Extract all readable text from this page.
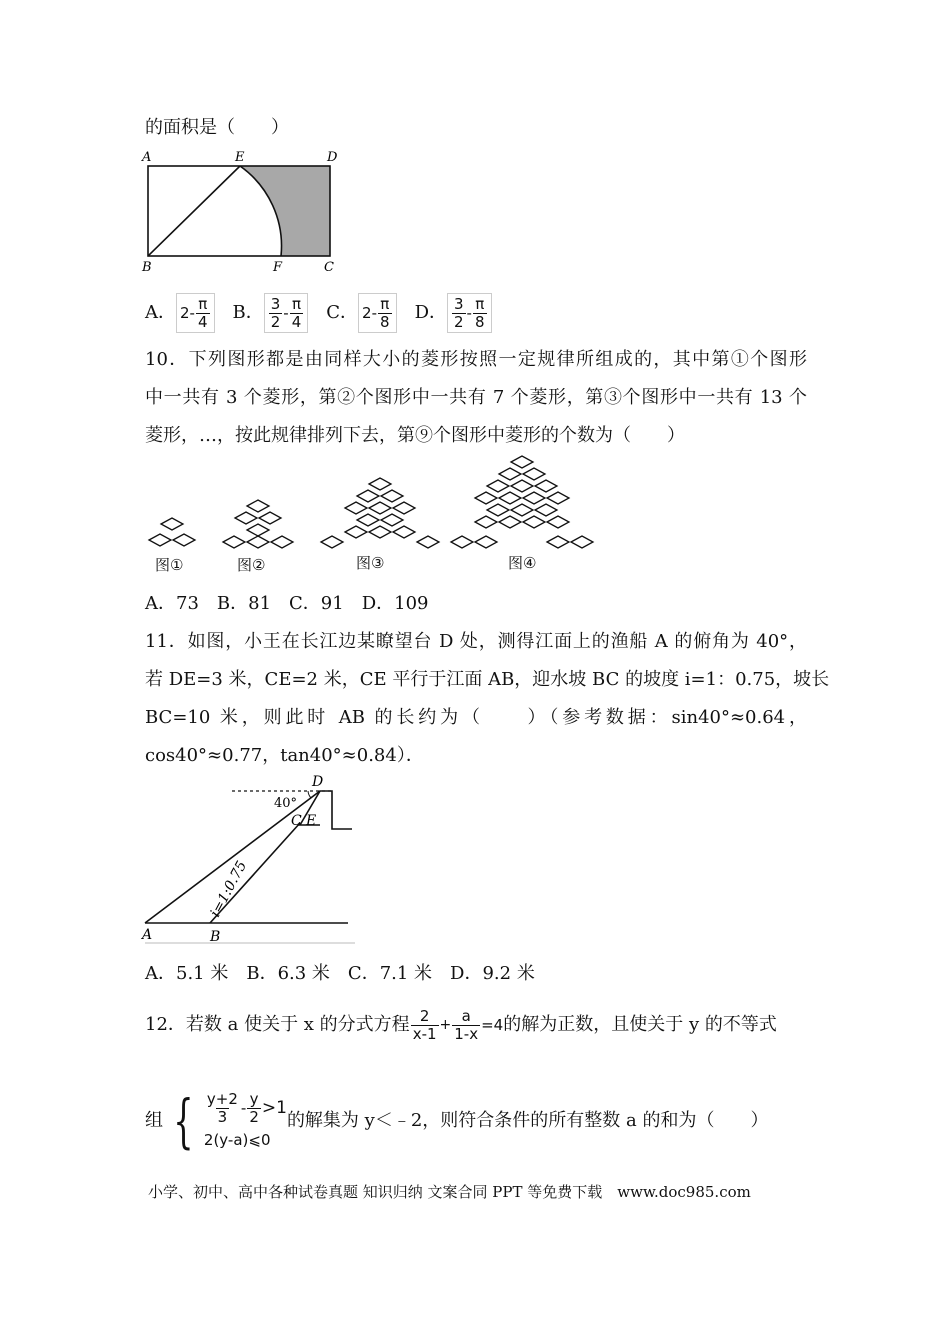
的面积是（　　）
A	E	D
B	F	C
A． $2 - \frac{\pi}{4}$ B． $\frac{3}{2} - \frac{\pi}{4}$ C． $2 - \frac{\pi}{8}$ D． $\frac{3}{2} - \frac{\pi}{8}$
10．下列图形都是由同样大小的菱形按照一定规律所组成的，其中第①个图形
中一共有 3 个菱形，第②个图形中一共有 7 个菱形，第③个图形中一共有 13 个
菱形，…，按此规律排列下去，第⑨个图形中菱形的个数为（　　）
图①	图②	图③	图④
A．73　B．81　C．91　D．109
11．如图，小王在长江边某瞭望台 D 处，测得江面上的渔船 A 的俯角为 40°，
若 DE=3 米，CE=2 米，CE 平行于江面 AB，迎水坡 BC 的坡度 i=1：0.75，坡长
BC=10 米，则此时 AB 的长约为（　　）（参考数据：sin40°≈0.64，
cos40°≈0.77，tan40°≈0.84）．
D
40°
C E
i=1:0.75
A	B
A．5.1 米　B．6.3 米　C．7.1 米　D．9.2 米
12．若数 a 使关于 x 的分式方程 $\frac{2}{x-1} + \frac{a}{1-x} =4$ 的解为正数，且使关于 y 的不等式
组 { $\frac{y+2}{3} - \frac{y}{2} >1$
2(y-a)⩽0
的解集为 y＜﹣2，则符合条件的所有整数 a 的和为（　　）
小学、初中、高中各种试卷真题 知识归纳 文案合同 PPT 等免费下载　www.doc985.com
